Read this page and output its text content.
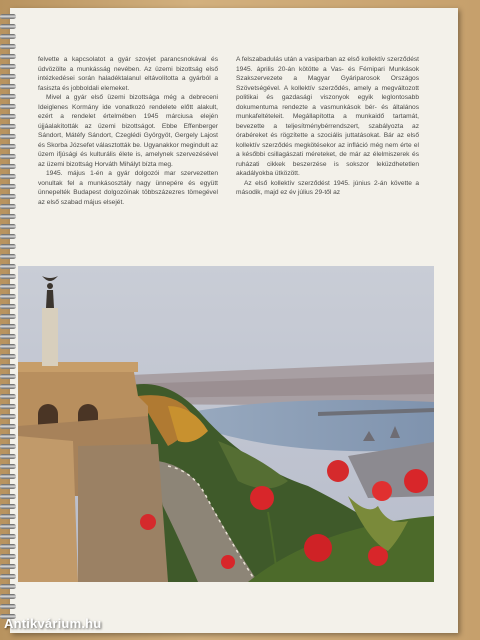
felvette a kapcsolatot a gyár szovjet parancsnokával és üdvözölte a munkásság nevében. Az üzemi bizottság első intézkedései során haladéktalanul eltávolította a gyárból a fasiszta és jobboldali elemeket.

Mivel a gyár első üzemi bizottsága még a debreceni Ideiglenes Kormány ide vonatkozó rendelete előtt alakult, ezért a rendelet értelmében 1945 márciusa elején újjáalakították az üzemi bizottságot. Ebbe Effenberger Sándort, Mátéfy Sándort, Czeglédi Györgyöt, Gergely Lajost és Skorba Józsefet választották be. Ugyanakkor megindult az üzem ifjúsági és kulturális élete is, amelynek szervezésével az üzemi bizottság Horváth Mihályt bízta meg.

1945. május 1-én a gyár dolgozói mar szervezetten vonultak fel a munkásosztály nagy ünnepére és együtt ünnepelték Budapest dolgozóinak többszázezres tömegével az első szabad május elsejét.

A felszabadulás után a vasiparban az első kollektív szerződést 1945. április 20-án kötötte a Vas- és Fémipari Munkások Szakszervezete a Magyar Gyáriparosok Országos Szövetségével. A kollektív szerződés, amely a megváltozott politikai és gazdasági viszonyok egyik leglontosabb dokumentuma rendezte a vasmunkások bér- és általános munkafeltételeit. Megállapította a munkaidő tartamát, bevezette a teljesítménybérrendszert, szabályozta az órabéreket és rögzítette a szociális juttatásokat. Bár az első kollektív szerződés megkötésekor az infláció még nem érte el a későbbi csillagászati méreteket, de már az élelmiszerek és ruházati cikkek beszerzése is sokszor leküzdhetetlen akadályokba ütközött.

Az első kollektív szerződést 1945. június 2-án követte a második, majd ez év július 29-től az

Antikvárium.hu
